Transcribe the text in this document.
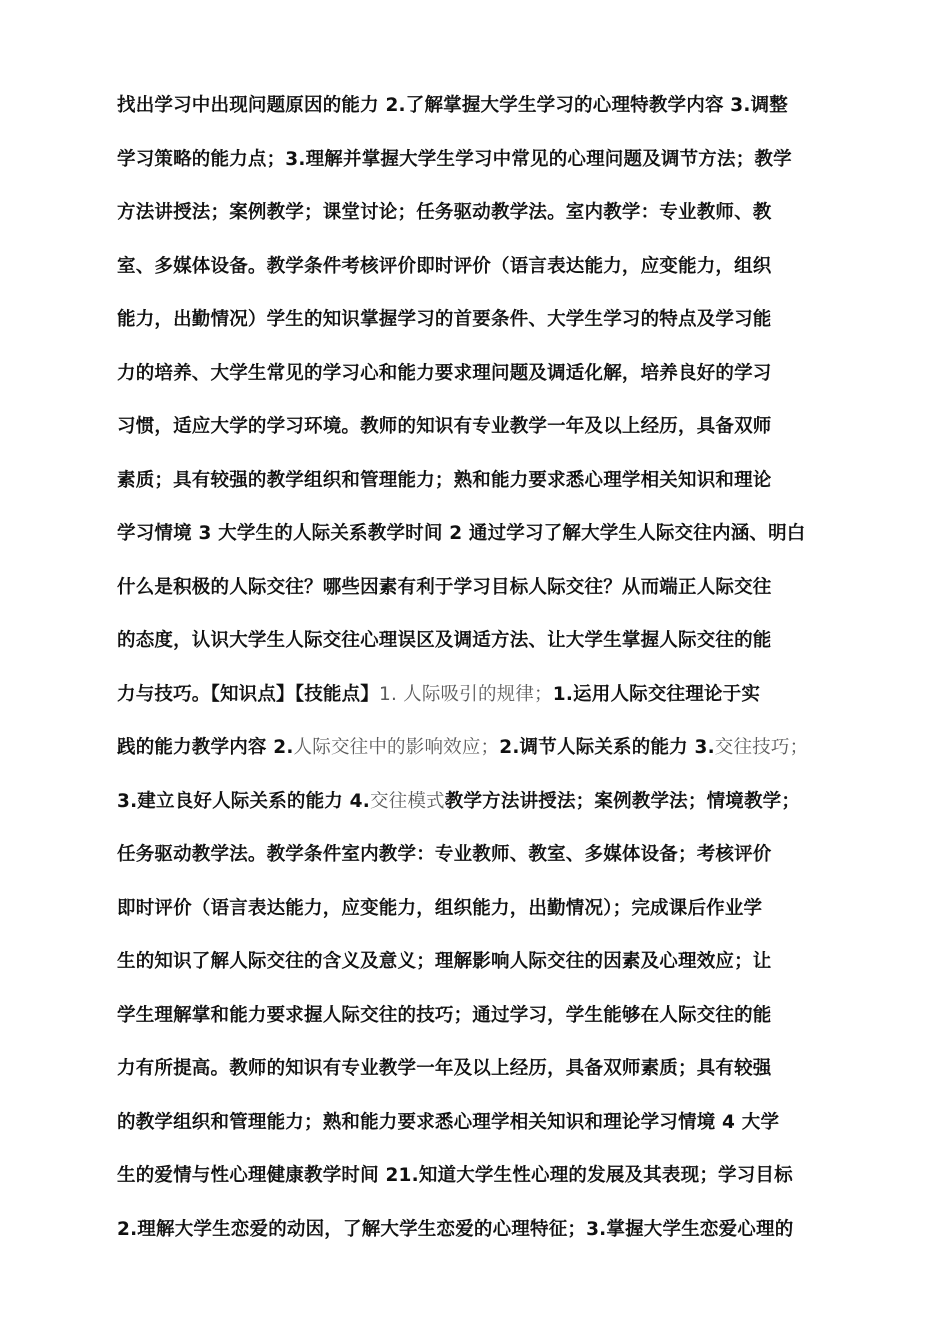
找出学习中出现问题原因的能力 2.了解掌握大学生学习的心理特教学内容 3.调整
学习策略的能力点；3.理解并掌握大学生学习中常见的心理问题及调节方法；教学
方法讲授法；案例教学；课堂讨论；任务驱动教学法。室内教学：专业教师、教
室、多媒体设备。教学条件考核评价即时评价（语言表达能力，应变能力，组织
能力，出勤情况）学生的知识掌握学习的首要条件、大学生学习的特点及学习能
力的培养、大学生常见的学习心和能力要求理问题及调适化解，培养良好的学习
习惯，适应大学的学习环境。教师的知识有专业教学一年及以上经历，具备双师
素质；具有较强的教学组织和管理能力；熟和能力要求悉心理学相关知识和理论
学习情境 3 大学生的人际关系教学时间 2 通过学习了解大学生人际交往内涵、明白
什么是积极的人际交往？哪些因素有利于学习目标人际交往？从而端正人际交往
的态度，认识大学生人际交往心理误区及调适方法、让大学生掌握人际交往的能
力与技巧。【知识点】【技能点】1. 人际吸引的规律；1.运用人际交往理论于实
践的能力教学内容 2.人际交往中的影响效应；2.调节人际关系的能力 3.交往技巧；
3.建立良好人际关系的能力 4.交往模式教学方法讲授法；案例教学法；情境教学；
任务驱动教学法。教学条件室内教学：专业教师、教室、多媒体设备；考核评价
即时评价（语言表达能力，应变能力，组织能力，出勤情况）；完成课后作业学
生的知识了解人际交往的含义及意义；理解影响人际交往的因素及心理效应；让
学生理解掌和能力要求握人际交往的技巧；通过学习，学生能够在人际交往的能
力有所提高。教师的知识有专业教学一年及以上经历，具备双师素质；具有较强
的教学组织和管理能力；熟和能力要求悉心理学相关知识和理论学习情境 4 大学
生的爱情与性心理健康教学时间 21.知道大学生性心理的发展及其表现；学习目标
2.理解大学生恋爱的动因，了解大学生恋爱的心理特征；3.掌握大学生恋爱心理的
